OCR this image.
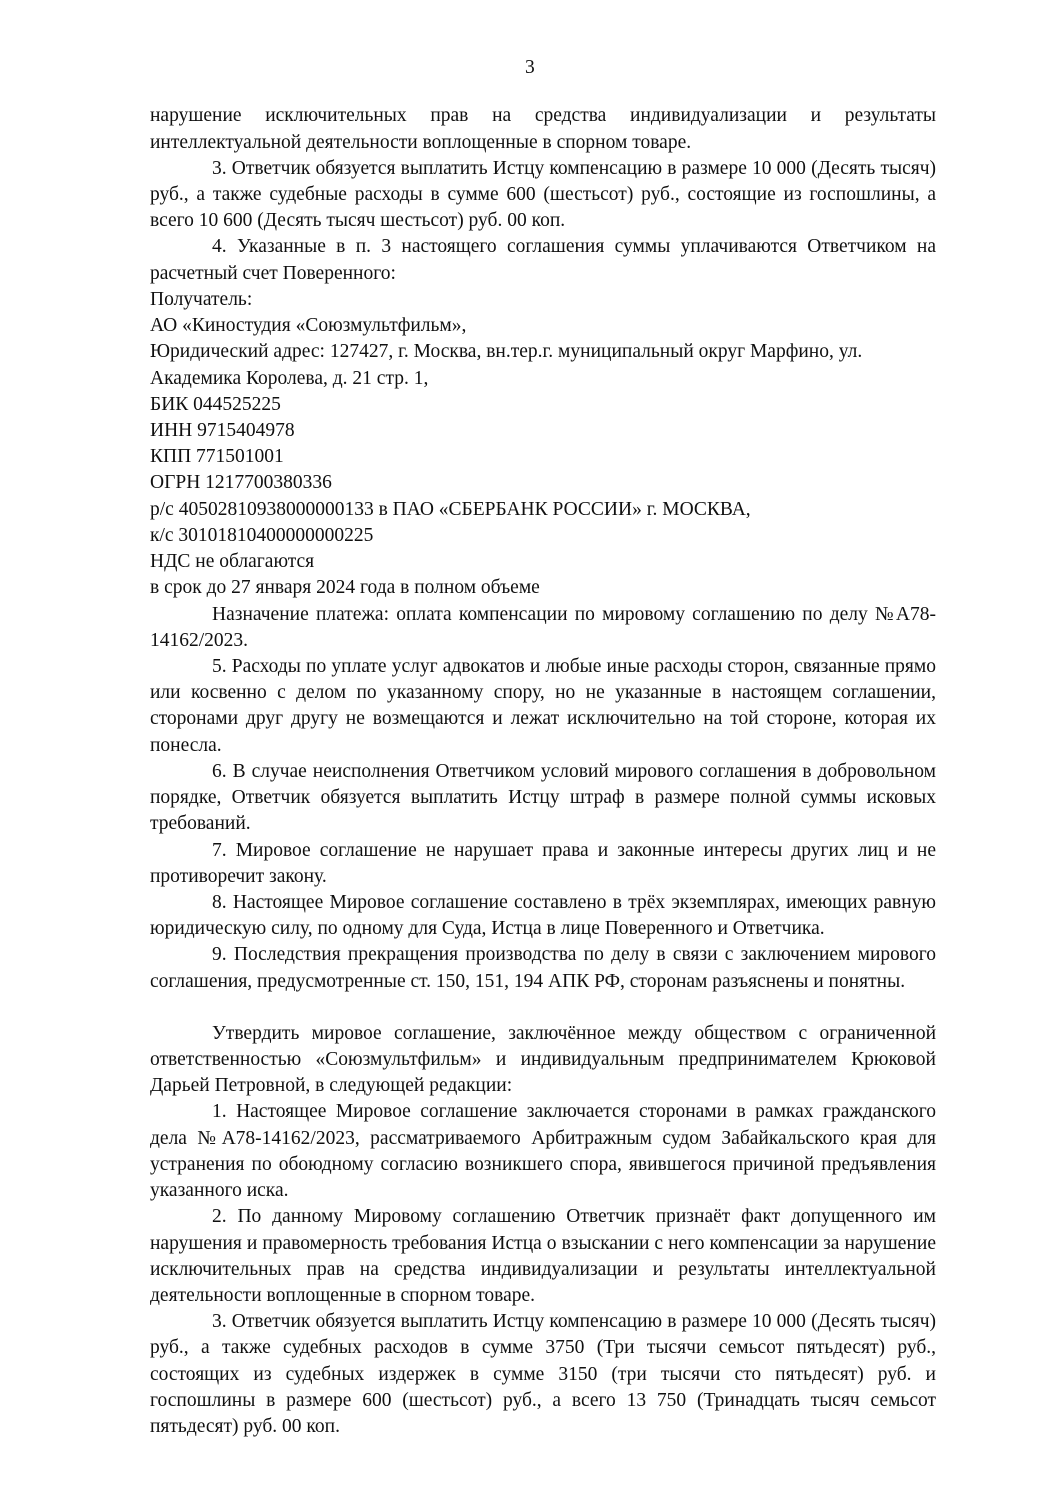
3

нарушение исключительных прав на средства индивидуализации и результаты интеллектуальной деятельности воплощенные в спорном товаре.

3. Ответчик обязуется выплатить Истцу компенсацию в размере 10 000 (Десять тысяч) руб., а также судебные расходы в сумме 600 (шестьсот) руб., состоящие из госпошлины, а всего 10 600 (Десять тысяч шестьсот) руб. 00 коп.

4. Указанные в п. 3 настоящего соглашения суммы уплачиваются Ответчиком на расчетный счет Поверенного:

Получатель:

АО «Киностудия «Союзмультфильм»,

Юридический адрес: 127427, г. Москва, вн.тер.г. муниципальный округ Марфино, ул. Академика Королева, д. 21 стр. 1,

БИК 044525225

ИНН 9715404978

КПП 771501001

ОГРН 1217700380336

р/с 40502810938000000133 в ПАО «СБЕРБАНК РОССИИ» г. МОСКВА,

к/с 30101810400000000225

НДС не облагаются

в срок до 27 января 2024 года в полном объеме

Назначение платежа: оплата компенсации по мировому соглашению по делу №А78-14162/2023.

5. Расходы по уплате услуг адвокатов и любые иные расходы сторон, связанные прямо или косвенно с делом по указанному спору, но не указанные в настоящем соглашении, сторонами друг другу не возмещаются и лежат исключительно на той стороне, которая их понесла.

6. В случае неисполнения Ответчиком условий мирового соглашения в добровольном порядке, Ответчик обязуется выплатить Истцу штраф в размере полной суммы исковых требований.

7. Мировое соглашение не нарушает права и законные интересы других лиц и не противоречит закону.

8. Настоящее Мировое соглашение составлено в трёх экземплярах, имеющих равную юридическую силу, по одному для Суда, Истца в лице Поверенного и Ответчика.

9. Последствия прекращения производства по делу в связи с заключением мирового соглашения, предусмотренные ст. 150, 151, 194 АПК РФ, сторонам разъяснены и понятны.

Утвердить мировое соглашение, заключённое между обществом с ограниченной ответственностью «Союзмультфильм» и индивидуальным предпринимателем Крюковой Дарьей Петровной, в следующей редакции:

1. Настоящее Мировое соглашение заключается сторонами в рамках гражданского дела №А78-14162/2023, рассматриваемого Арбитражным судом Забайкальского края для устранения по обоюдному согласию возникшего спора, явившегося причиной предъявления указанного иска.

2. По данному Мировому соглашению Ответчик признаёт факт допущенного им нарушения и правомерность требования Истца о взыскании с него компенсации за нарушение исключительных прав на средства индивидуализации и результаты интеллектуальной деятельности воплощенные в спорном товаре.

3. Ответчик обязуется выплатить Истцу компенсацию в размере 10 000 (Десять тысяч) руб., а также судебных расходов в сумме 3750 (Три тысячи семьсот пятьдесят) руб., состоящих из судебных издержек в сумме 3150 (три тысячи сто пятьдесят) руб. и госпошлины в размере 600 (шестьсот) руб., а всего 13 750 (Тринадцать тысяч семьсот пятьдесят) руб. 00 коп.
